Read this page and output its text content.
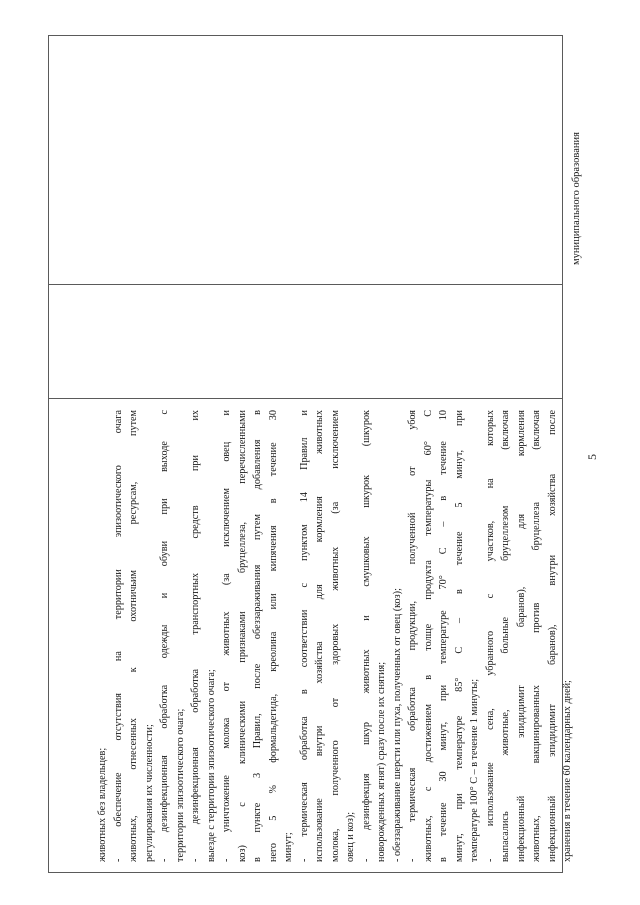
животных без владельцев; - обеспечение отсутствия на территории эпизоотического очага животных, отнесенных к охотничьим ресурсам, путем регулирования их численности; - дезинфекционная обработка одежды и обуви при выходе с территории эпизоотического очага; - дезинфекционная обработка транспортных средств при их выезде с территории эпизоотического очага; - уничтожение молока от животных (за исключением овец и коз) с клиническими признаками бруцеллеза, перечисленными в пункте 3 Правил, после обеззараживания путем добавления в него 5 % формальдегида, креолина или кипячения в течение 30 минут; - термическая обработка в соответствии с пунктом 14 Правил и использование внутри хозяйства для кормления животных молока, полученного от здоровых животных (за исключением овец и коз); - дезинфекция шкур животных и смушковых шкурок (шкурок новорожденных ягнят) сразу после их снятия; - обеззараживание шерсти или пуха, полученных от овец (коз); - термическая обработка продукции, полученной от убоя животных, с достижением в толще продукта температуры 60° С в течение 30 минут, при температуре 70° С – в течение 10 минут, при температуре 85° С – в течение 5 минут, при температуре 100° С – в течение 1 минуты; - использование сена, убранного с участков, на которых выпасались животные, больные бруцеллезом (включая инфекционный эпидидимит баранов), для кормления животных, вакцинированных против бруцеллеза (включая инфекционный эпидидимит баранов), внутри хозяйства после хранения в течение 60 календарных дней;
муниципального образования
5
